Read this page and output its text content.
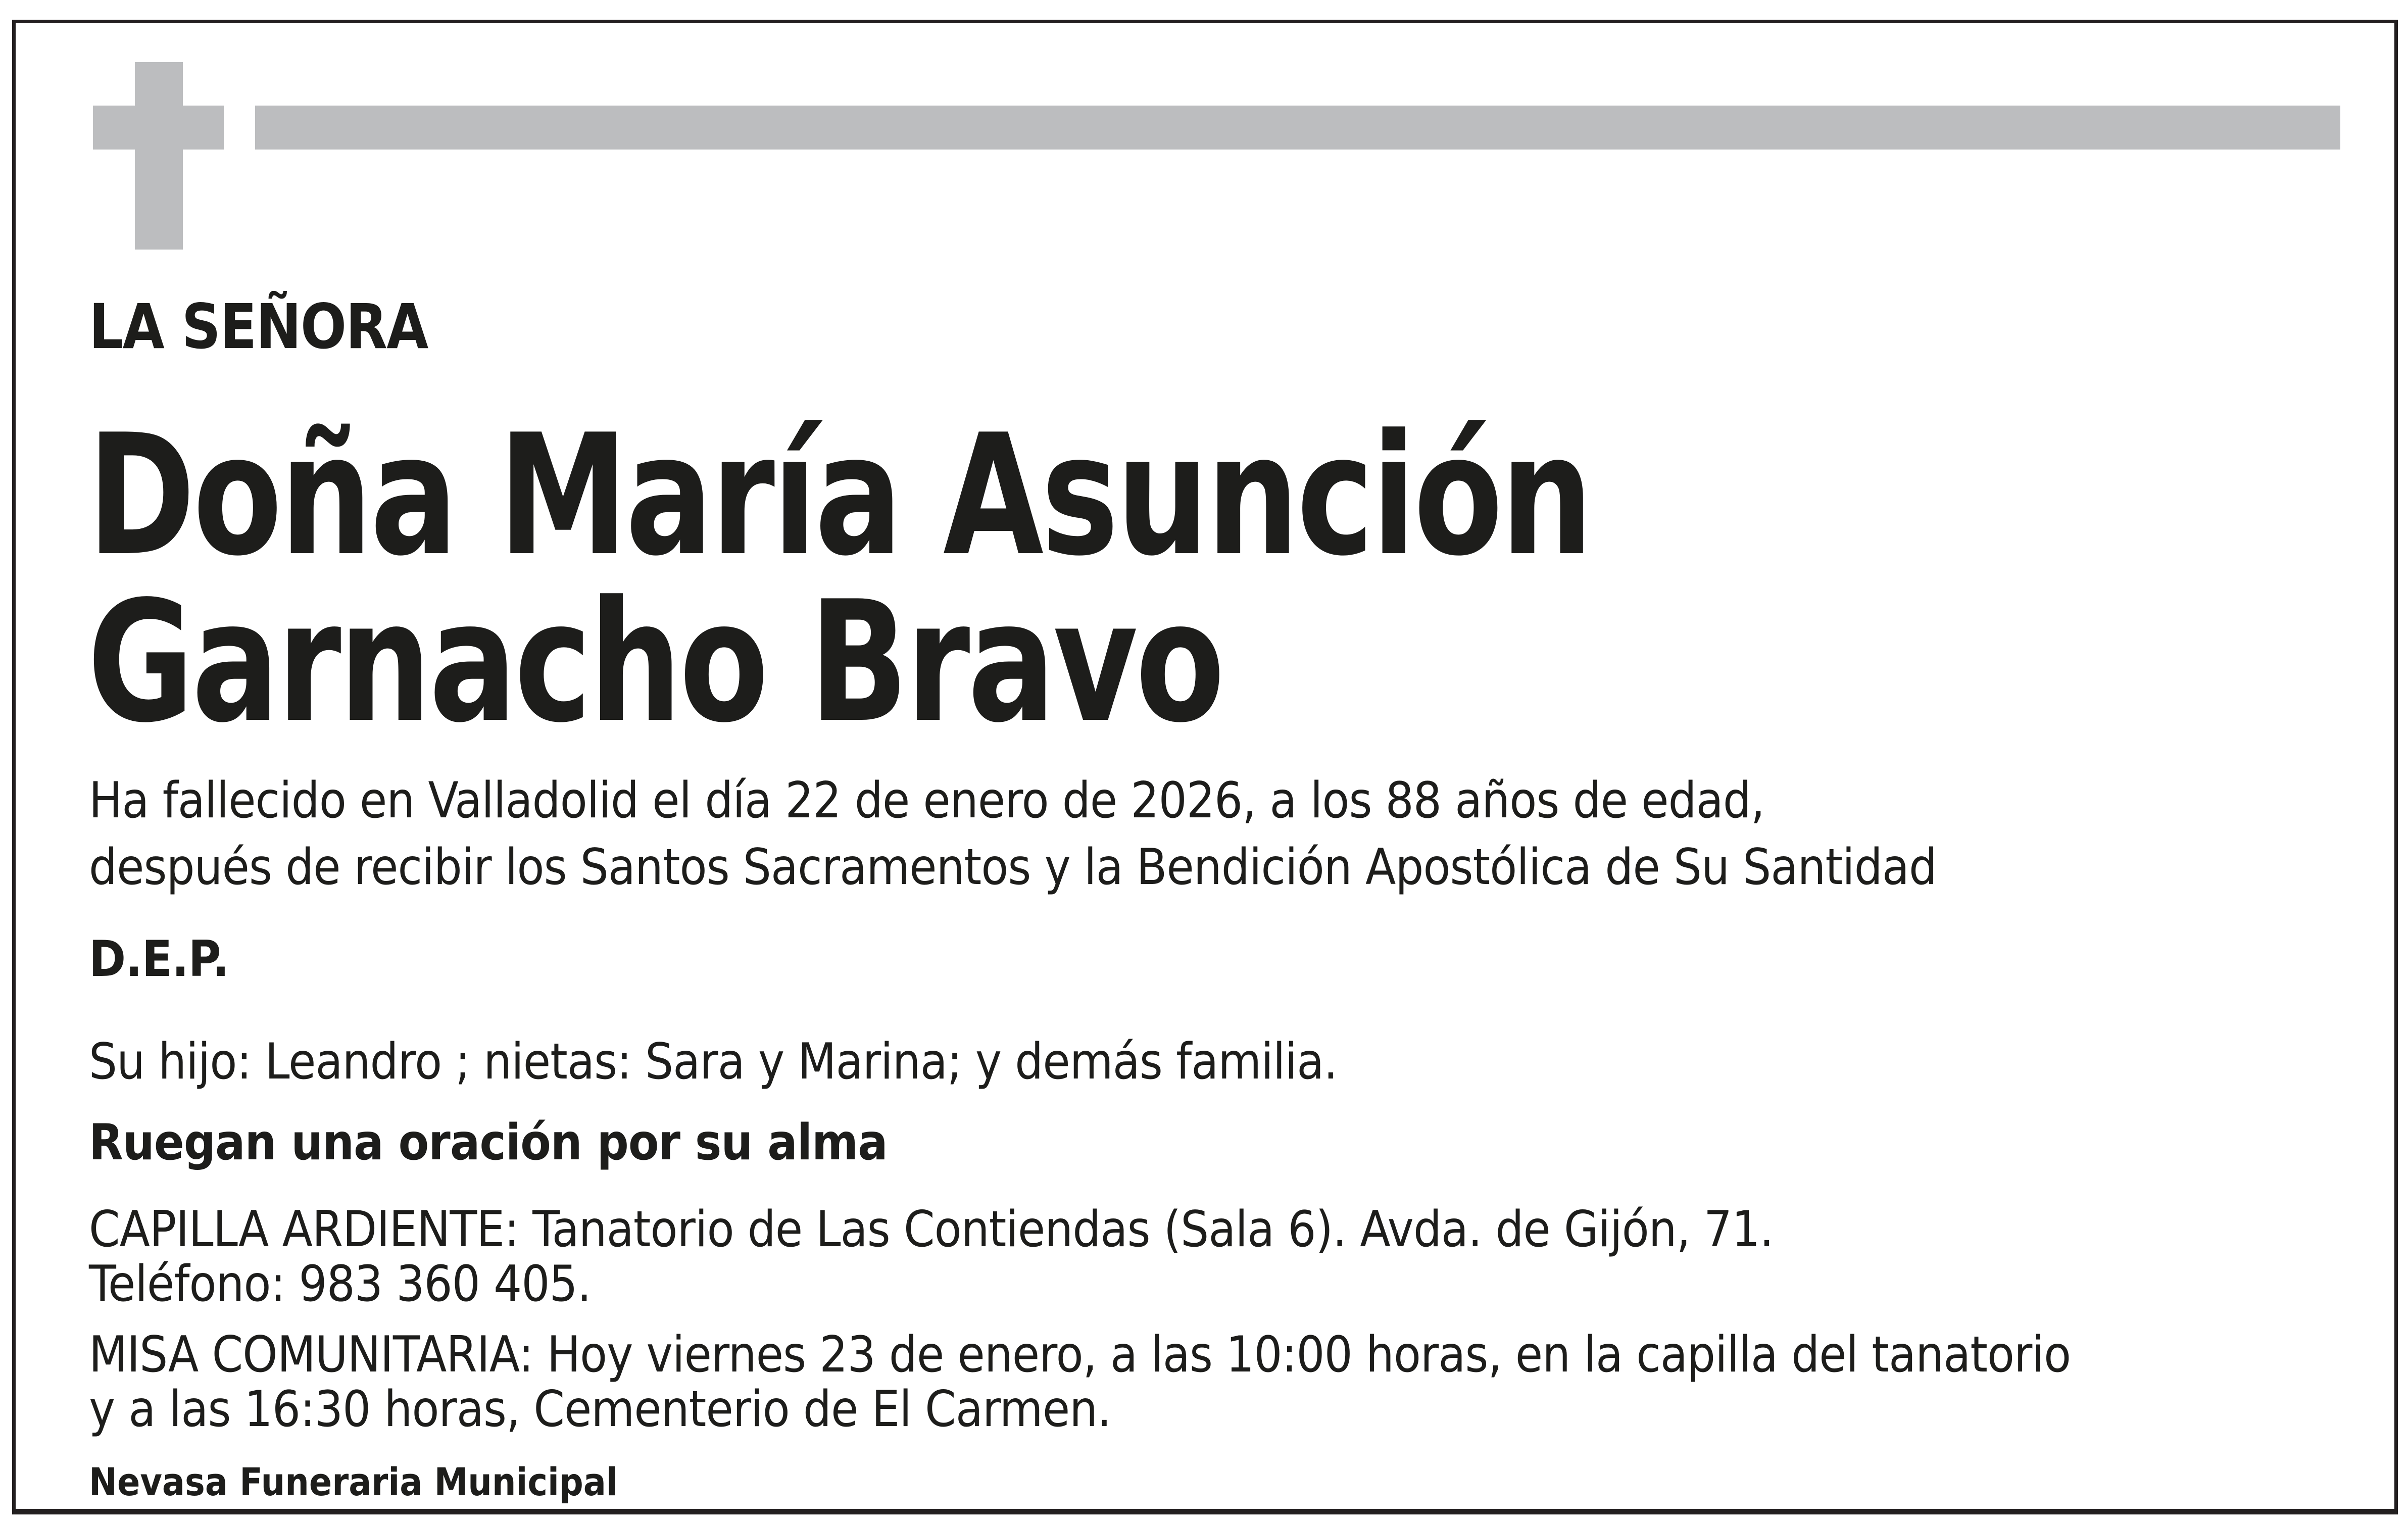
LA SEÑORA
Doña María Asunción
Garnacho Bravo
Ha fallecido en Valladolid el día 22 de enero de 2026, a los 88 años de edad,
después de recibir los Santos Sacramentos y la Bendición Apostólica de Su Santidad
D.E.P.
Su hijo: Leandro ; nietas: Sara y Marina; y demás familia.
Ruegan una oración por su alma
CAPILLA ARDIENTE: Tanatorio de Las Contiendas (Sala 6). Avda. de Gijón, 71.
Teléfono: 983 360 405.
MISA COMUNITARIA: Hoy viernes 23 de enero, a las 10:00 horas, en la capilla del tanatorio
y a las 16:30 horas, Cementerio de El Carmen.
Nevasa Funeraria Municipal
